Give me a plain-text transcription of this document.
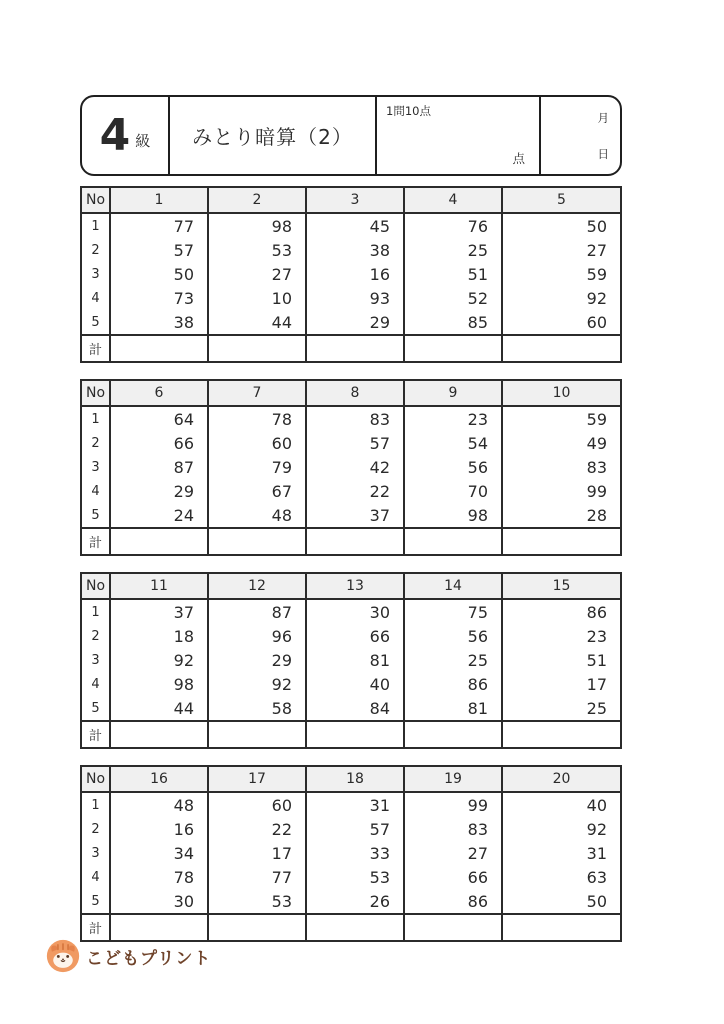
4 級	みとり暗算（2）
1問10点
点
月
日
No	1	2	3	4	5
1	77	98	45	76	50
2	57	53	38	25	27
3	50	27	16	51	59
4	73	10	93	52	92
5	38	44	29	85	60
計					
No	6	7	8	9	10
1	64	78	83	23	59
2	66	60	57	54	49
3	87	79	42	56	83
4	29	67	22	70	99
5	24	48	37	98	28
計					
No	11	12	13	14	15
1	37	87	30	75	86
2	18	96	66	56	23
3	92	29	81	25	51
4	98	92	40	86	17
5	44	58	84	81	25
計					
No	16	17	18	19	20
1	48	60	31	99	40
2	16	22	57	83	92
3	34	17	33	27	31
4	78	77	53	66	63
5	30	53	26	86	50
計					
こどもプリント
